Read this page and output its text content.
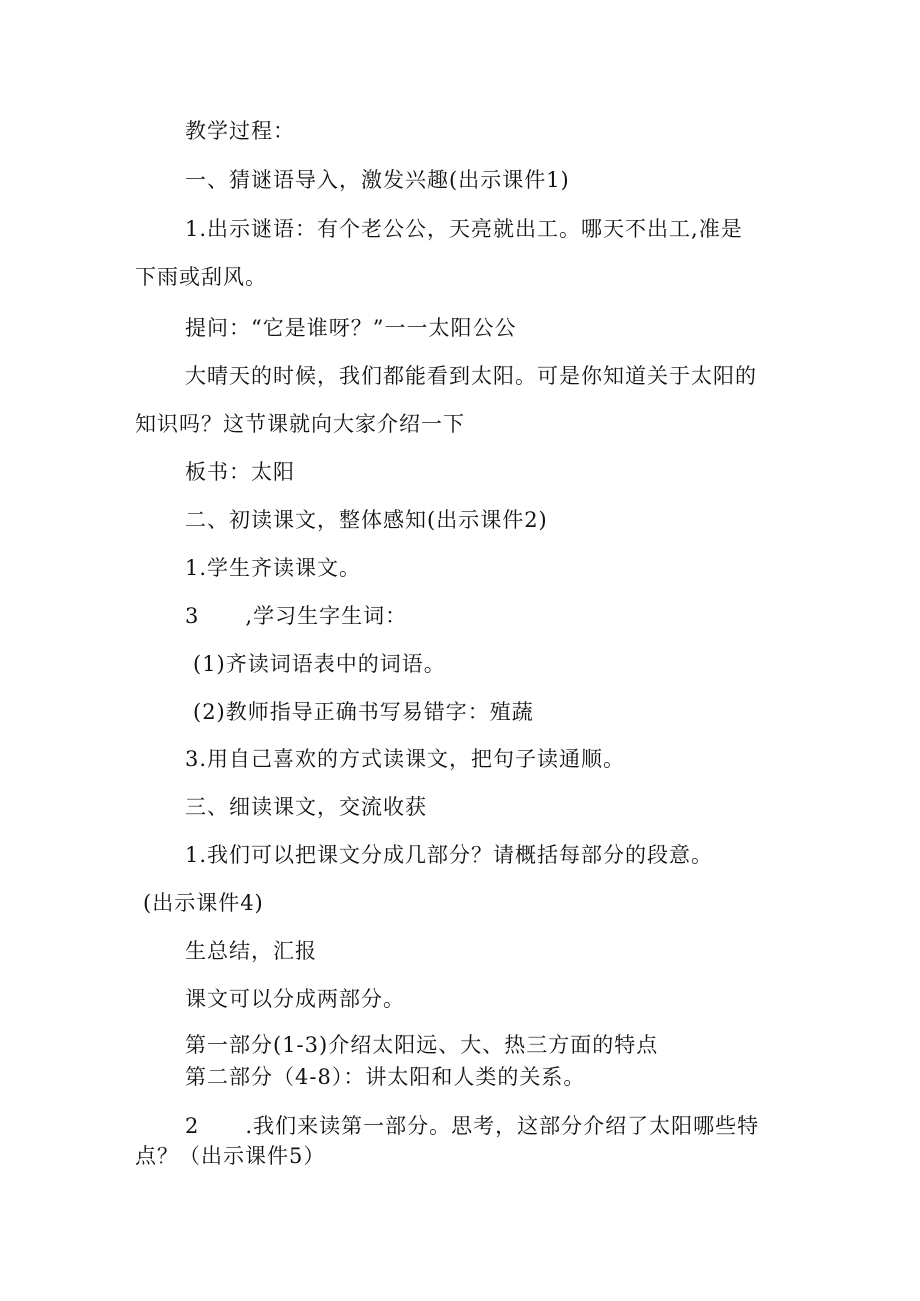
教学过程：
一、猜谜语导入，激发兴趣(出示课件1)
1.出示谜语：有个老公公，天亮就出工。哪天不出工,准是
下雨或刮风。
提问：“它是谁呀？”一一太阳公公
大晴天的时候，我们都能看到太阳。可是你知道关于太阳的
知识吗？这节课就向大家介绍一下
板书：太阳
二、初读课文，整体感知(出示课件2)
1.学生齐读课文。
3      ,学习生字生词：
(1)齐读词语表中的词语。
(2)教师指导正确书写易错字：殖蔬
3.用自己喜欢的方式读课文，把句子读通顺。
三、细读课文，交流收获
1.我们可以把课文分成几部分？请概括每部分的段意。
(出示课件4)
生总结，汇报
课文可以分成两部分。
第一部分(1-3)介绍太阳远、大、热三方面的特点
第二部分（4-8）：讲太阳和人类的关系。
2      .我们来读第一部分。思考，这部分介绍了太阳哪些特
点？（出示课件5）
